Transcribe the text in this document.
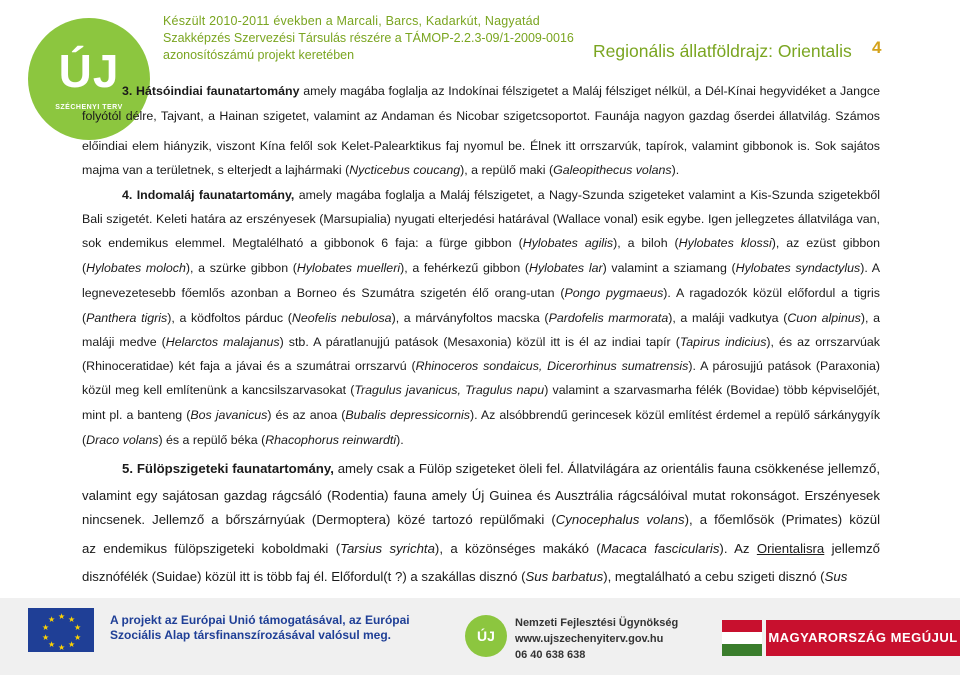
ÚJ
SZÉCHENYI TERV
Készült 2010-2011 években a Marcali, Barcs, Kadarkút, Nagyatád
Szakképzés Szervezési Társulás részére a TÁMOP-2.2.3-09/1-2009-0016
azonosítószámú projekt keretében	Regionális állatföldrajz: Orientalis 4
3. Hátsóindiai faunatartomány amely magába foglalja az Indokínai félszigetet a Maláj félsziget nélkül, a Dél-Kínai hegyvidéket a Jangce
folyótól délre, Tajvant, a Hainan szigetet, valamint az Andaman és Nicobar szigetcsoportot. Faunája nagyon gazdag őserdei állatvilág. Számos
előindiai elem hiányzik, viszont Kína felől sok Kelet-Palearktikus faj nyomul be. Élnek itt orrszarvúk, tapírok, valamint gibbonok is. Sok sajátos
majma van a területnek, s elterjedt a lajhármaki (Nycticebus coucang), a repülő maki (Galeopithecus volans).
4. Indomaláj faunatartomány, amely magába foglalja a Maláj félszigetet, a Nagy-Szunda szigeteket valamint a Kis-Szunda szigetekből
Bali szigetét. Keleti határa az erszényesek (Marsupialia) nyugati elterjedési határával (Wallace vonal) esik egybe. Igen jellegzetes állatvilága van,
sok endemikus elemmel. Megtalélható a gibbonok 6 faja: a fürge gibbon (Hylobates agilis), a biloh (Hylobates klossi), az ezüst gibbon
(Hylobates moloch), a szürke gibbon (Hylobates muelleri), a fehérkezű gibbon (Hylobates lar) valamint a sziamang (Hylobates syndactylus). A
legnevezetesebb főemlős azonban a Borneo és Szumátra szigetén élő orang-utan (Pongo pygmaeus). A ragadozók közül előfordul a tigris
(Panthera tigris), a ködfoltos párduc (Neofelis nebulosa), a márványfoltos macska (Pardofelis marmorata), a maláji vadkutya (Cuon alpinus), a
maláji medve (Helarctos malajanus) stb. A páratlanujjú patások (Mesaxonia) közül itt is él az indiai tapír (Tapirus indicius), és az orrszarvúak
(Rhinoceratidae) két faja a jávai és a szumátrai orrszarvú (Rhinoceros sondaicus, Dicerorhinus sumatrensis). A párosujjú patások (Paraxonia)
közül meg kell említenünk a kancsilszarvasokat (Tragulus javanicus, Tragulus napu) valamint a szarvasmarha félék (Bovidae) több képviselőjét,
mint pl. a banteng (Bos javanicus) és az anoa (Bubalis depressicornis). Az alsóbbrendű gerincesek közül említést érdemel a repülő sárkánygyík
(Draco volans) és a repülő béka (Rhacophorus reinwardti).
5. Fülöpszigeteki faunatartomány, amely csak a Fülöp szigeteket öleli fel. Állatvilágára az orientális fauna csökkenése jellemző,
valamint egy sajátosan gazdag rágcsáló (Rodentia) fauna amely Új Guinea és Ausztrália rágcsálóival mutat rokonságot. Erszényesek
nincsenek. Jellemző a bőrszárnyúak (Dermoptera) közé tartozó repülőmaki (Cynocephalus volans), a főemlősök (Primates) közül
az endemikus fülöpszigeteki koboldmaki (Tarsius syrichta), a közönséges makákó (Macaca fascicularis). Az Orientalisra jellemző
disznófélék (Suidae) közül itt is több faj él. Előfordul(t ?) a szakállas disznó (Sus barbatus), megtalálható a cebu szigeti disznó (Sus
★ ★
★
★
★
★
★
★
★
★	A projekt az Európai Unió támogatásával, az Európai
Szociális Alap társfinanszírozásával valósul meg.	ÚJ
Nemzeti Fejlesztési Ügynökség
www.ujszechenyiterv.gov.hu
06 40 638 638
MAGYARORSZÁG MEGÚJUL
